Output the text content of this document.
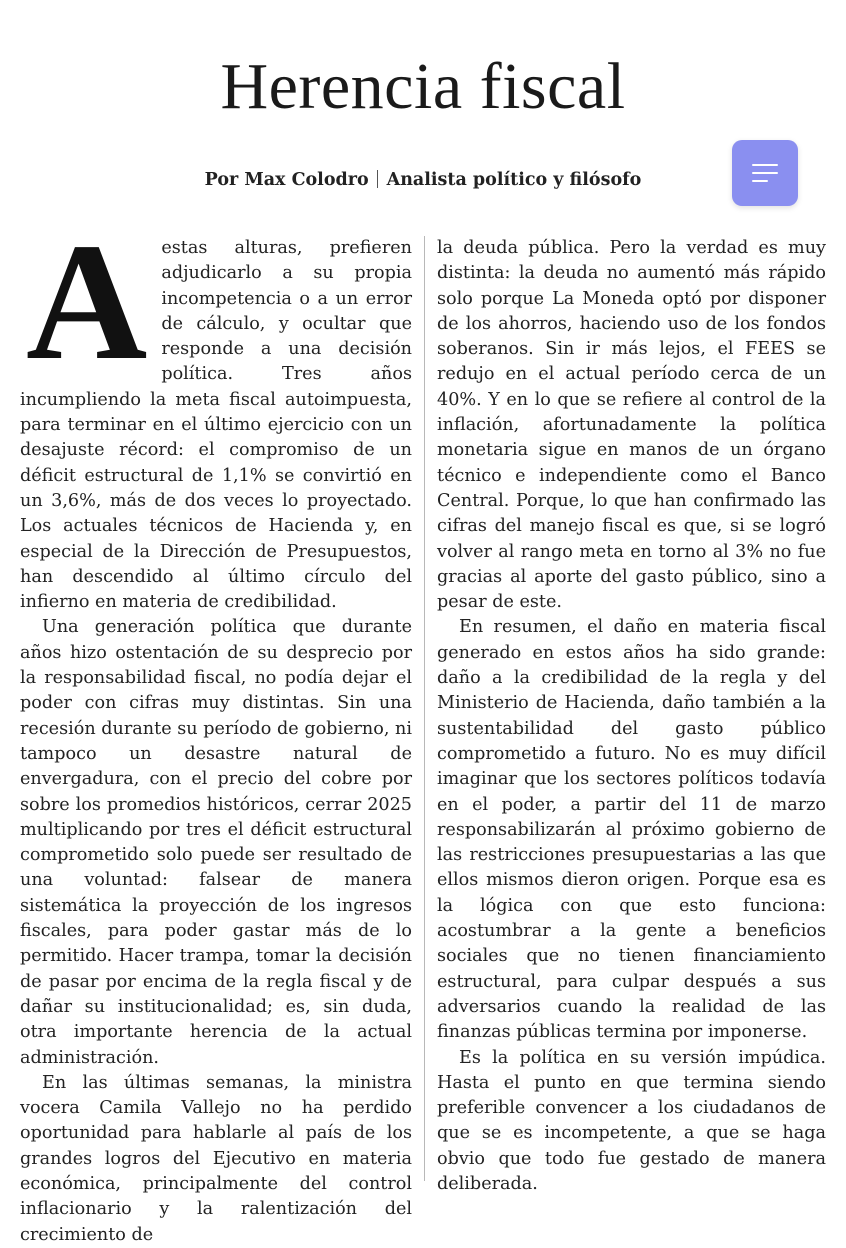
Herencia fiscal
Por Max Colodro Analista político y filósofo
A estas alturas, prefieren adjudicarlo a su propia incompetencia o a un error de cálculo, y ocultar que responde a una decisión política. Tres años incumpliendo la meta fiscal autoimpuesta, para terminar en el último ejercicio con un desajuste récord: el compromiso de un déficit estructural de 1,1% se convirtió en un 3,6%, más de dos veces lo proyectado. Los actuales técnicos de Hacienda y, en especial de la Dirección de Presupuestos, han descendido al último círculo del infierno en materia de credibilidad.

Una generación política que durante años hizo ostentación de su desprecio por la responsabilidad fiscal, no podía dejar el poder con cifras muy distintas. Sin una recesión durante su período de gobierno, ni tampoco un desastre natural de envergadura, con el precio del cobre por sobre los promedios históricos, cerrar 2025 multiplicando por tres el déficit estructural comprometido solo puede ser resultado de una voluntad: falsear de manera sistemática la proyección de los ingresos fiscales, para poder gastar más de lo permitido. Hacer trampa, tomar la decisión de pasar por encima de la regla fiscal y de dañar su institucionalidad; es, sin duda, otra importante herencia de la actual administración.

En las últimas semanas, la ministra vocera Camila Vallejo no ha perdido oportunidad para hablarle al país de los grandes logros del Ejecutivo en materia económica, principalmente del control inflacionario y la ralentización del crecimiento de

la deuda pública. Pero la verdad es muy distinta: la deuda no aumentó más rápido solo porque La Moneda optó por disponer de los ahorros, haciendo uso de los fondos soberanos. Sin ir más lejos, el FEES se redujo en el actual período cerca de un 40%. Y en lo que se refiere al control de la inflación, afortunadamente la política monetaria sigue en manos de un órgano técnico e independiente como el Banco Central. Porque, lo que han confirmado las cifras del manejo fiscal es que, si se logró volver al rango meta en torno al 3% no fue gracias al aporte del gasto público, sino a pesar de este.

En resumen, el daño en materia fiscal generado en estos años ha sido grande: daño a la credibilidad de la regla y del Ministerio de Hacienda, daño también a la sustentabilidad del gasto público comprometido a futuro. No es muy difícil imaginar que los sectores políticos todavía en el poder, a partir del 11 de marzo responsabilizarán al próximo gobierno de las restricciones presupuestarias a las que ellos mismos dieron origen. Porque esa es la lógica con que esto funciona: acostumbrar a la gente a beneficios sociales que no tienen financiamiento estructural, para culpar después a sus adversarios cuando la realidad de las finanzas públicas termina por imponerse.

Es la política en su versión impúdica. Hasta el punto en que termina siendo preferible convencer a los ciudadanos de que se es incompetente, a que se haga obvio que todo fue gestado de manera deliberada.
